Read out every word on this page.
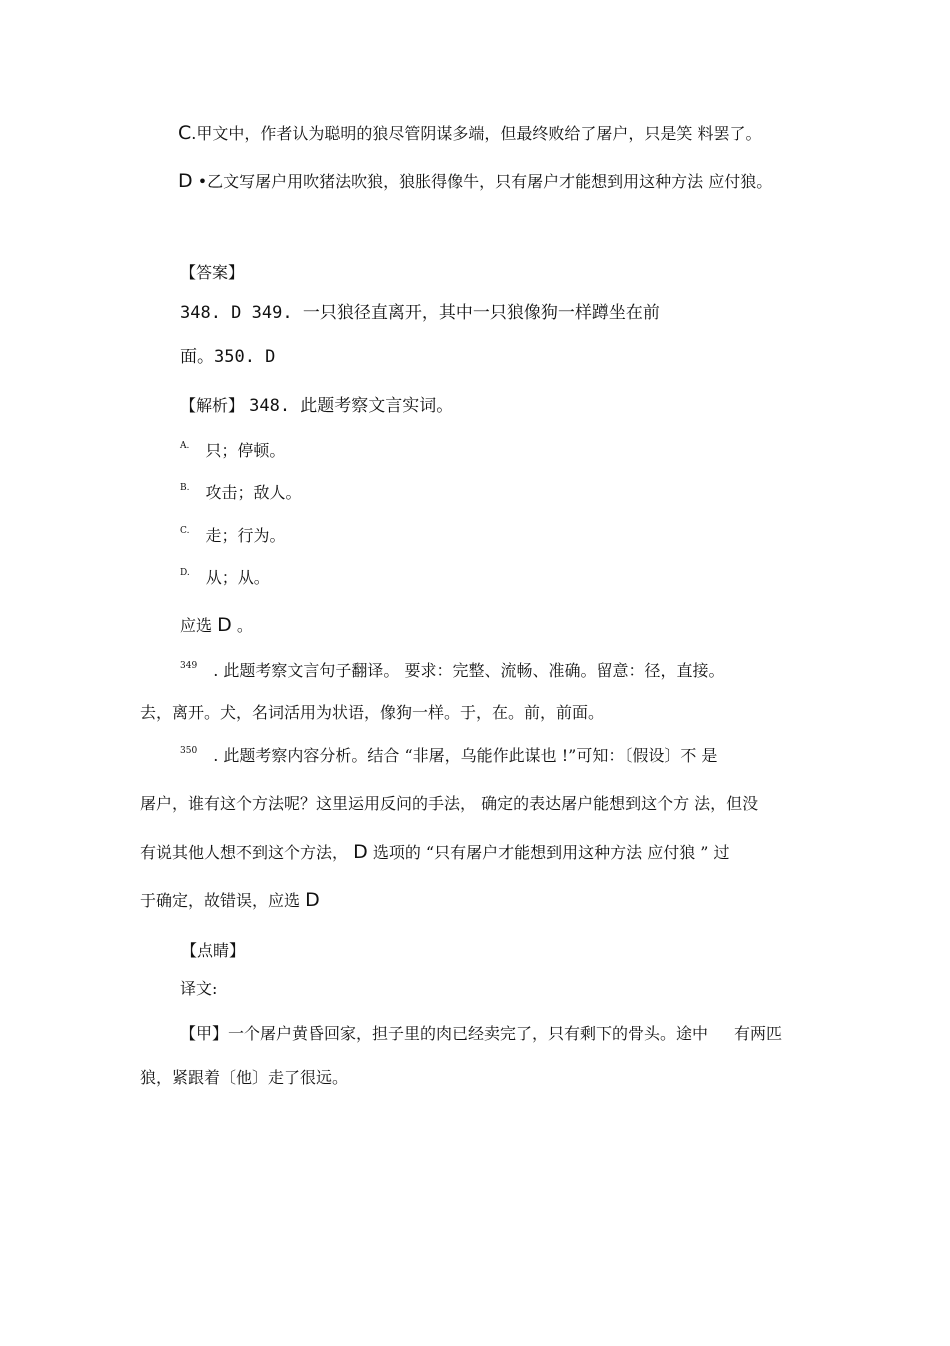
C.甲文中，作者认为聪明的狼尽管阴谋多端，但最终败给了屠户，只是笑 料罢了。
D •乙文写屠户用吹猪法吹狼，狼胀得像牛，只有屠户才能想到用这种方法 应付狼。
【答案】
348. D 349. 一只狼径直离开，其中一只狼像狗一样蹲坐在前
面。350. D
【解析】 348. 此题考察文言实词。
$^{A.}$ 只；停顿。
$^{B.}$ 攻击；敌人。
$^{C.}$ 走；行为。
$^{D.}$ 从；从。
应选 D 。
$^{349}$ . 此题考察文言句子翻译。 要求：完整、流畅、准确。留意：径，直接。
去，离开。犬，名词活用为状语，像狗一样。于，在。前，前面。
$^{350}$ . 此题考察内容分析。结合 “非屠，乌能作此谋也 !”可知：〔假设〕不 是
屠户，谁有这个方法呢？这里运用反问的手法， 确定的表达屠户能想到这个方 法，但没
有说其他人想不到这个方法， D 选项的 “只有屠户才能想到用这种方法 应付狼 ” 过
于确定，故错误，应选 D
【点睛】
译文:
【甲】一个屠户黄昏回家，担子里的肉已经卖完了，只有剩下的骨头。途中 有两匹
狼，紧跟着〔他〕走了很远。
